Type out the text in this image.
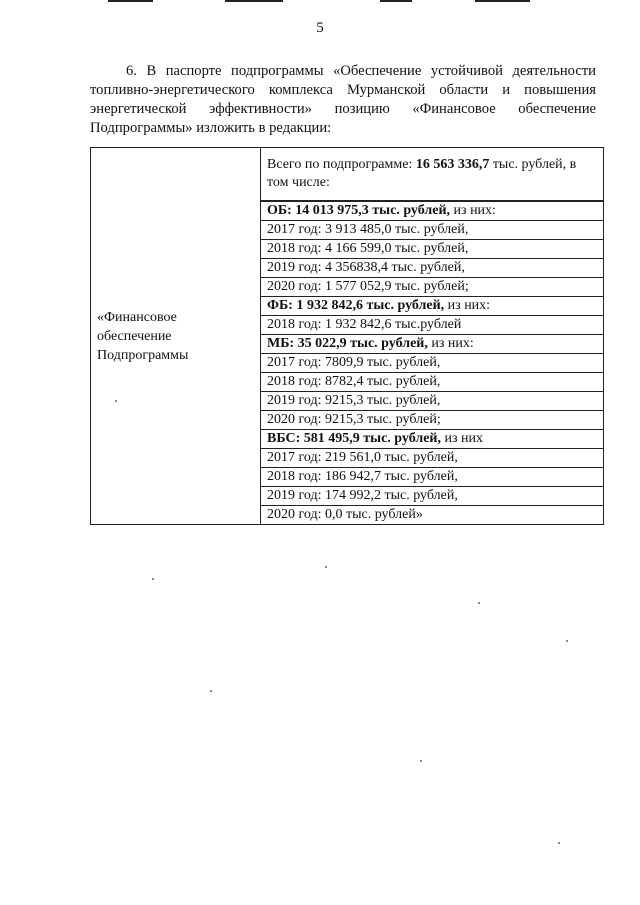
5

6. В паспорте подпрограммы «Обеспечение устойчивой деятельности топливно-энергетического комплекса Мурманской области и повышения энергетической эффективности» позицию «Финансовое обеспечение Подпрограммы» изложить в редакции:

«Финансовое обеспечение Подпрограммы	
Всего по подпрограмме: 16 563 336,7 тыс. рублей, в том числе:
ОБ: 14 013 975,3 тыс. рублей, из них:
2017 год: 3 913 485,0 тыс. рублей,
2018 год: 4 166 599,0 тыс. рублей,
2019 год: 4 356838,4 тыс. рублей,
2020 год: 1 577 052,9 тыс. рублей;
ФБ: 1 932 842,6 тыс. рублей, из них:
2018 год: 1 932 842,6 тыс.рублей
МБ: 35 022,9 тыс. рублей, из них:
2017 год: 7809,9 тыс. рублей,
2018 год: 8782,4 тыс. рублей,
2019 год: 9215,3 тыс. рублей,
2020 год: 9215,3 тыс. рублей;
ВБС: 581 495,9 тыс. рублей, из них
2017 год: 219 561,0 тыс. рублей,
2018 год: 186 942,7 тыс. рублей,
2019 год: 174 992,2 тыс. рублей,
2020 год: 0,0 тыс. рублей»
